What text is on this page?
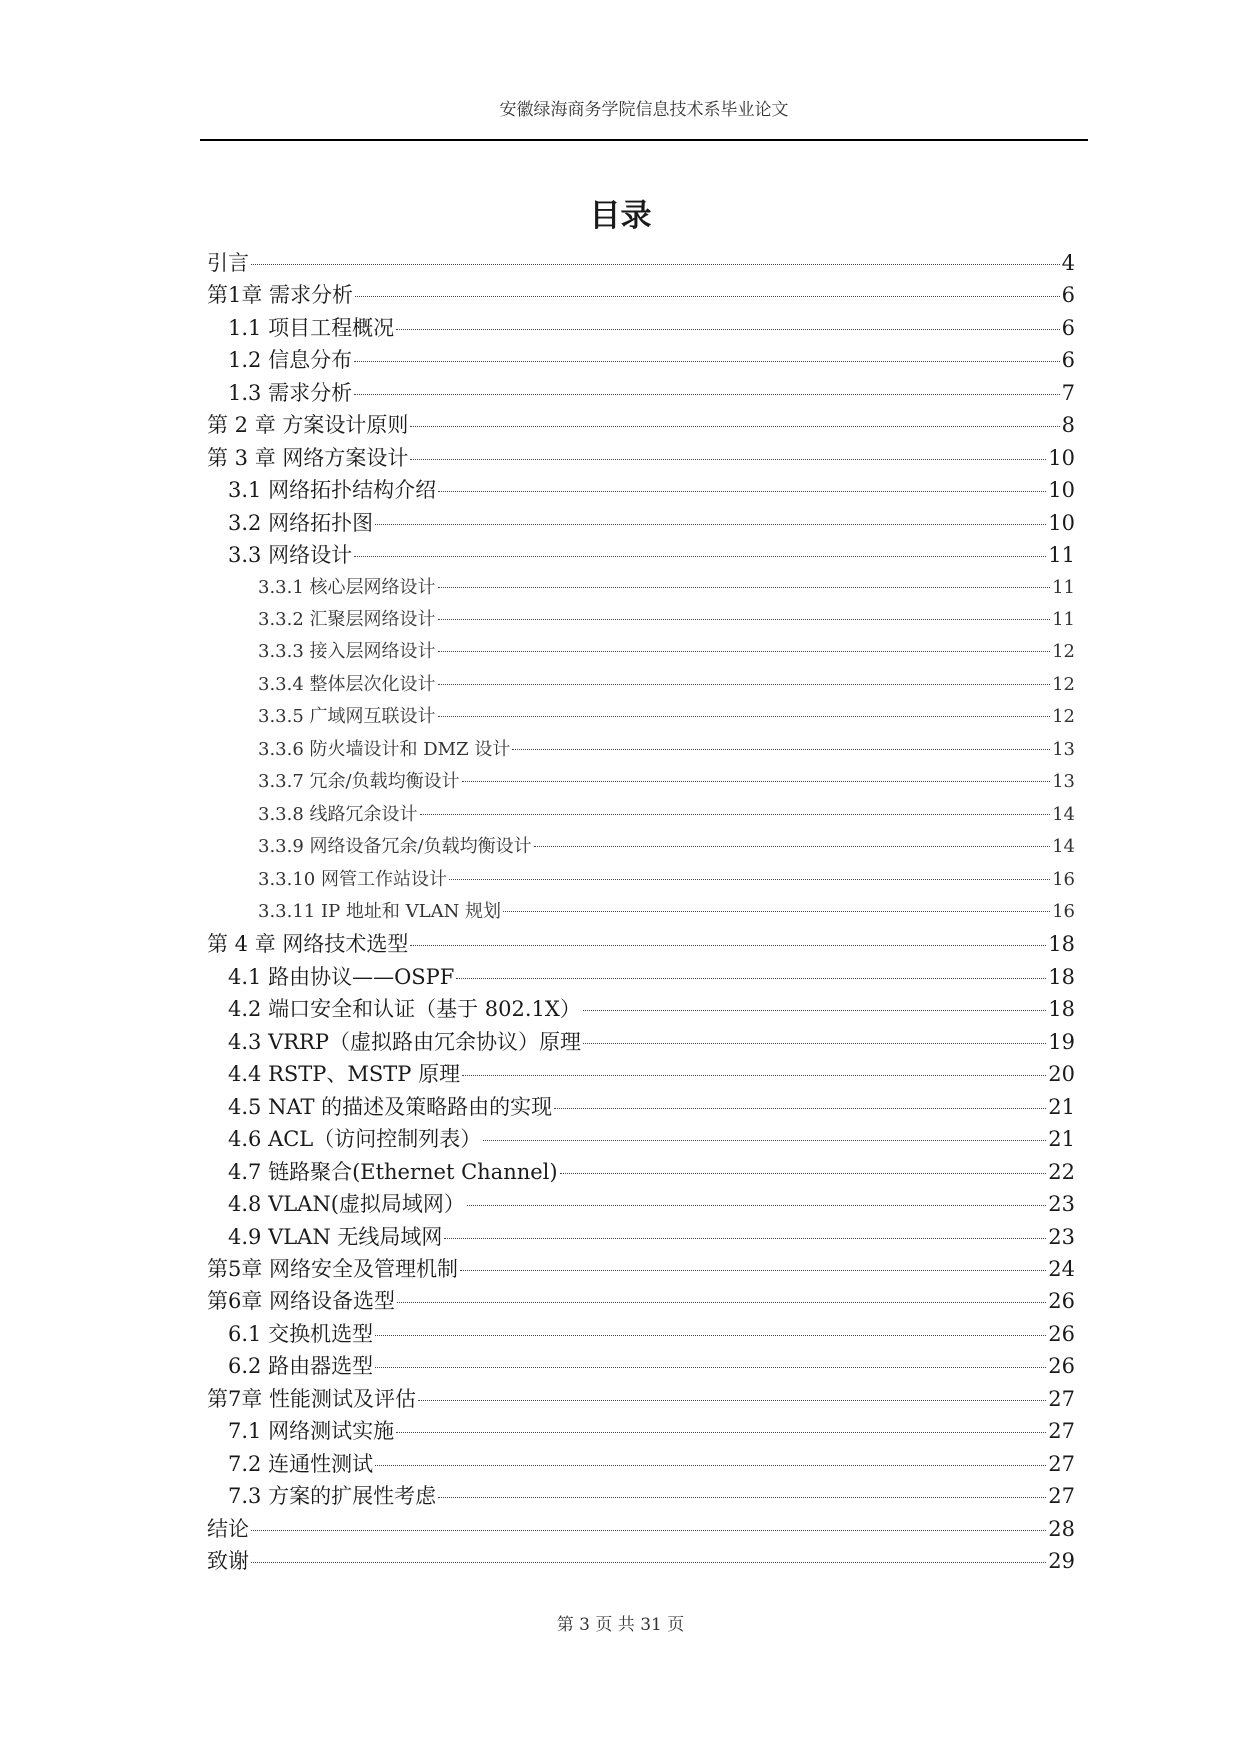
安徽绿海商务学院信息技术系毕业论文
目录
引言	4
第1章 需求分析	6
1.1 项目工程概况	6
1.2 信息分布	6
1.3 需求分析	7
第 2 章 方案设计原则	8
第 3 章 网络方案设计	10
3.1 网络拓扑结构介绍	10
3.2 网络拓扑图	10
3.3 网络设计	11
3.3.1 核心层网络设计	11
3.3.2 汇聚层网络设计	11
3.3.3 接入层网络设计	12
3.3.4 整体层次化设计	12
3.3.5 广域网互联设计	12
3.3.6 防火墙设计和 DMZ 设计	13
3.3.7 冗余/负载均衡设计	13
3.3.8 线路冗余设计	14
3.3.9 网络设备冗余/负载均衡设计	14
3.3.10 网管工作站设计	16
3.3.11 IP 地址和 VLAN 规划	16
第 4 章 网络技术选型	18
4.1 路由协议——OSPF	18
4.2 端口安全和认证（基于 802.1X）	18
4.3 VRRP（虚拟路由冗余协议）原理	19
4.4 RSTP、MSTP 原理	20
4.5 NAT 的描述及策略路由的实现	21
4.6 ACL（访问控制列表）	21
4.7 链路聚合(Ethernet Channel)	22
4.8 VLAN(虚拟局域网）	23
4.9 VLAN 无线局域网	23
第5章 网络安全及管理机制	24
第6章 网络设备选型	26
6.1 交换机选型	26
6.2 路由器选型	26
第7章 性能测试及评估	27
7.1 网络测试实施	27
7.2 连通性测试	27
7.3 方案的扩展性考虑	27
结论	28
致谢	29
第 3 页 共 31 页
